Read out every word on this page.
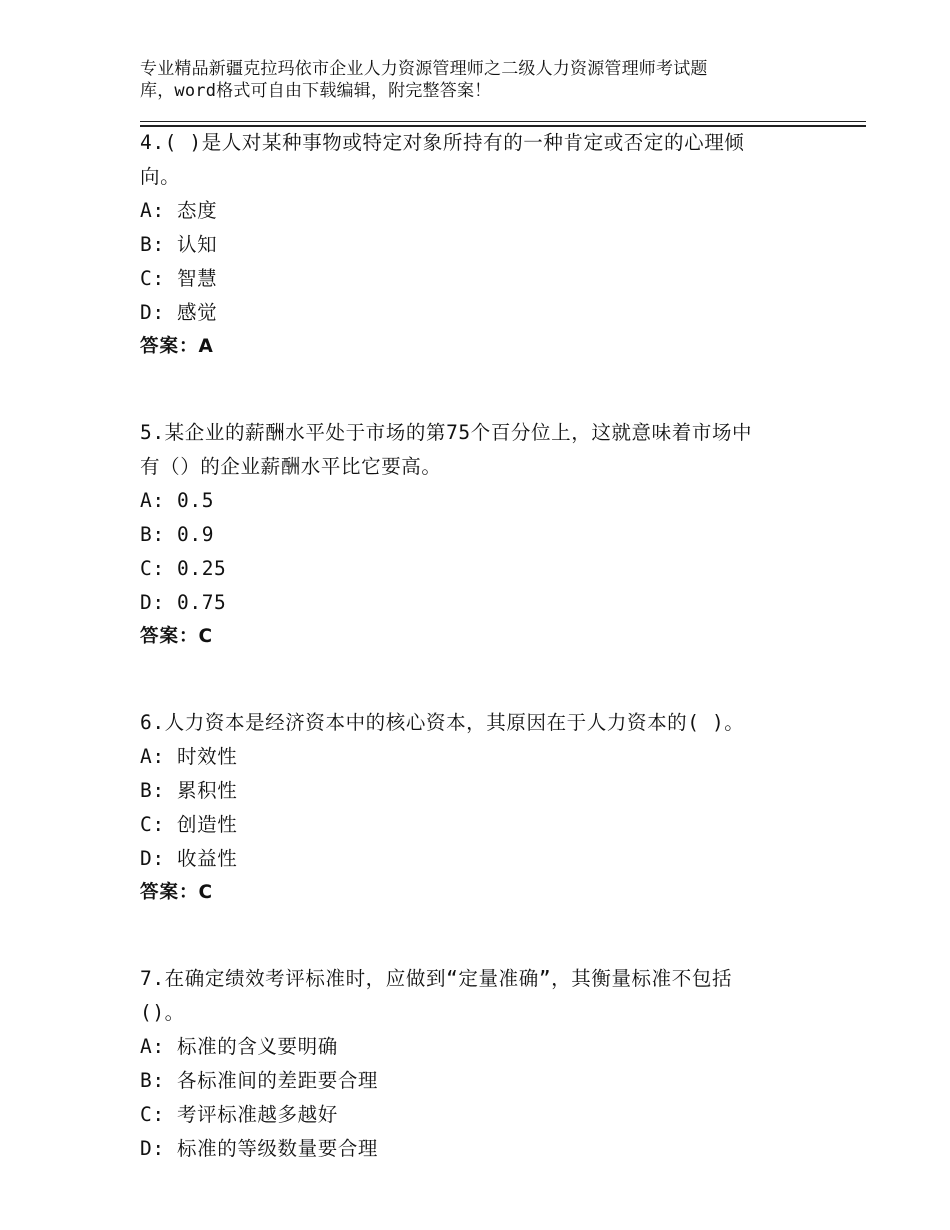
专业精品新疆克拉玛依市企业人力资源管理师之二级人力资源管理师考试题
库，word格式可自由下载编辑，附完整答案！
4.( )是人对某种事物或特定对象所持有的一种肯定或否定的心理倾
向。
A: 态度
B: 认知
C: 智慧
D: 感觉
答案：A
5.某企业的薪酬水平处于市场的第75个百分位上，这就意味着市场中
有（）的企业薪酬水平比它要高。
A: 0.5
B: 0.9
C: 0.25
D: 0.75
答案：C
6.人力资本是经济资本中的核心资本，其原因在于人力资本的( )。
A: 时效性
B: 累积性
C: 创造性
D: 收益性
答案：C
7.在确定绩效考评标准时，应做到“定量准确”，其衡量标准不包括
()。
A: 标准的含义要明确
B: 各标准间的差距要合理
C: 考评标准越多越好
D: 标准的等级数量要合理
